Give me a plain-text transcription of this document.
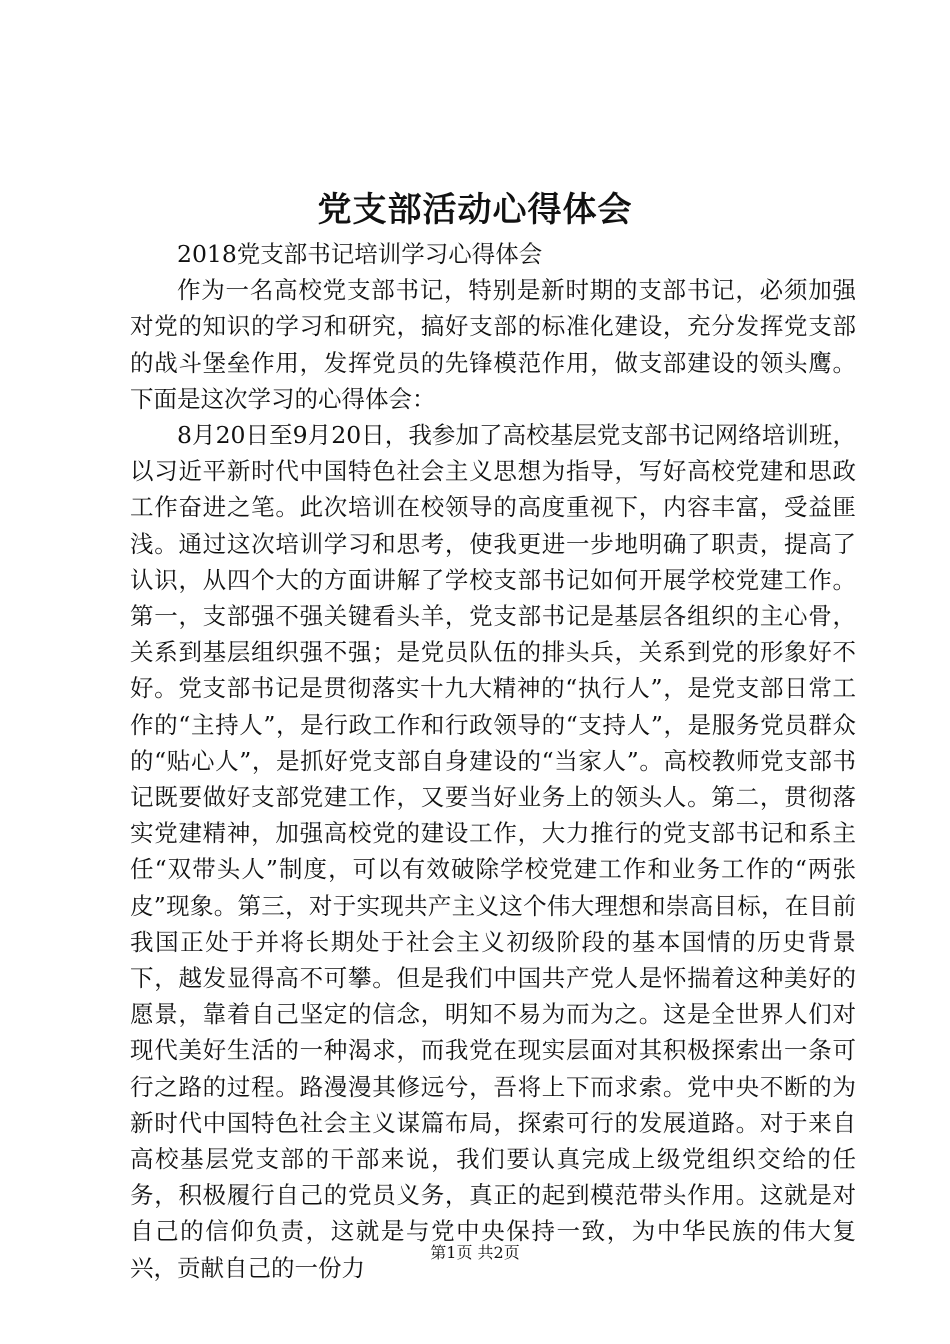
党支部活动心得体会

2018党支部书记培训学习心得体会

作为一名高校党支部书记，特别是新时期的支部书记，必须加强对党的知识的学习和研究，搞好支部的标准化建设，充分发挥党支部的战斗堡垒作用，发挥党员的先锋模范作用，做支部建设的领头鹰。下面是这次学习的心得体会：

8月20日至9月20日，我参加了高校基层党支部书记网络培训班，以习近平新时代中国特色社会主义思想为指导，写好高校党建和思政工作奋进之笔。此次培训在校领导的高度重视下，内容丰富，受益匪浅。通过这次培训学习和思考，使我更进一步地明确了职责，提高了认识，从四个大的方面讲解了学校支部书记如何开展学校党建工作。第一，支部强不强关键看头羊，党支部书记是基层各组织的主心骨，关系到基层组织强不强；是党员队伍的排头兵，关系到党的形象好不好。党支部书记是贯彻落实十九大精神的“执行人”，是党支部日常工作的“主持人”，是行政工作和行政领导的“支持人”，是服务党员群众的“贴心人”，是抓好党支部自身建设的“当家人”。高校教师党支部书记既要做好支部党建工作，又要当好业务上的领头人。第二，贯彻落实党建精神，加强高校党的建设工作，大力推行的党支部书记和系主任“双带头人”制度，可以有效破除学校党建工作和业务工作的“两张皮”现象。第三，对于实现共产主义这个伟大理想和崇高目标，在目前我国正处于并将长期处于社会主义初级阶段的基本国情的历史背景下，越发显得高不可攀。但是我们中国共产党人是怀揣着这种美好的愿景，靠着自己坚定的信念，明知不易为而为之。这是全世界人们对现代美好生活的一种渴求，而我党在现实层面对其积极探索出一条可行之路的过程。路漫漫其修远兮，吾将上下而求索。党中央不断的为新时代中国特色社会主义谋篇布局，探索可行的发展道路。对于来自高校基层党支部的干部来说，我们要认真完成上级党组织交给的任务，积极履行自己的党员义务，真正的起到模范带头作用。这就是对自己的信仰负责，这就是与党中央保持一致，为中华民族的伟大复兴，贡献自己的一份力

第1页 共2页
